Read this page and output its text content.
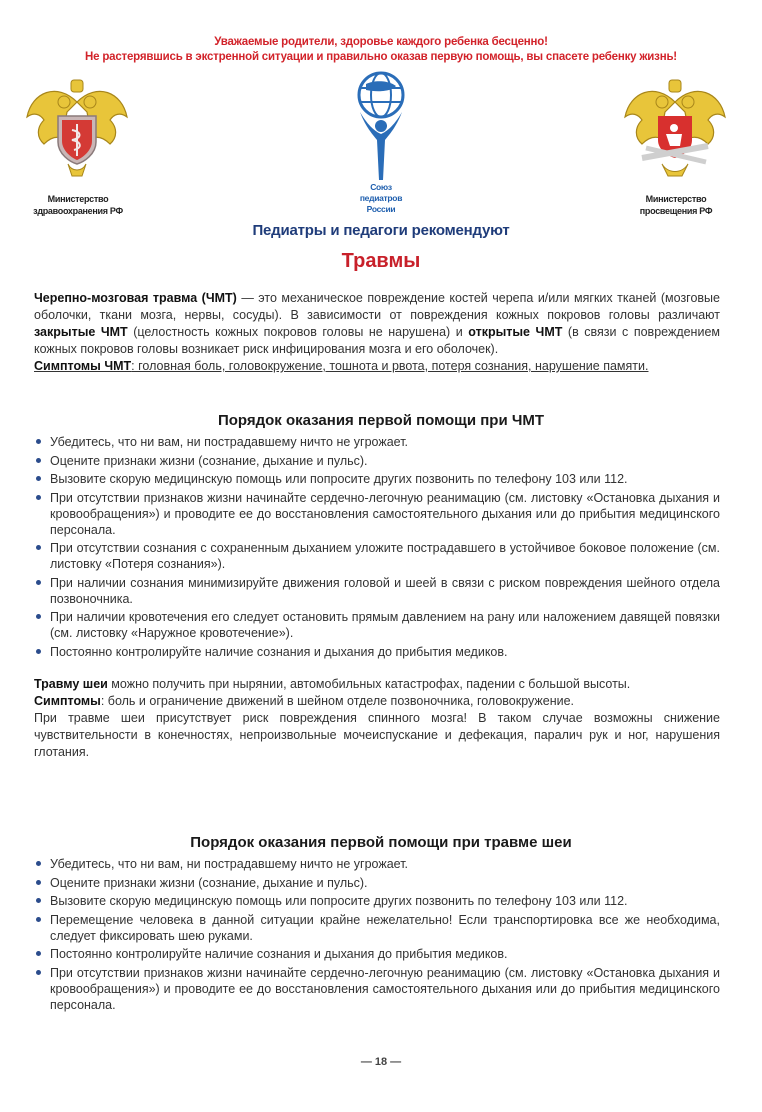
Уважаемые родители, здоровье каждого ребенка бесценно!
Не растерявшись в экстренной ситуации и правильно оказав первую помощь, вы спасете ребенку жизнь!
Министерство
здравоохранения РФ
Союз
педиатров
России
Министерство
просвещения РФ
Педиатры и педагоги рекомендуют
Травмы
Черепно-мозговая травма (ЧМТ) — это механическое повреждение костей черепа и/или мягких тканей (мозговые оболочки, ткани мозга, нервы, сосуды). В зависимости от повреждения кожных покровов головы различают закрытые ЧМТ (целостность кожных покровов головы не нарушена) и открытые ЧМТ (в связи с повреждением кожных покровов головы возникает риск инфицирования мозга и его оболочек).
Симптомы ЧМТ: головная боль, головокружение, тошнота и рвота, потеря сознания, нарушение памяти.
Порядок оказания первой помощи при ЧМТ
Убедитесь, что ни вам, ни пострадавшему ничто не угрожает.
Оцените признаки жизни (сознание, дыхание и пульс).
Вызовите скорую медицинскую помощь или попросите других позвонить по телефону 103 или 112.
При отсутствии признаков жизни начинайте сердечно-легочную реанимацию (см. листовку «Остановка дыхания и кровообращения») и проводите ее до восстановления самостоятельного дыхания или до прибытия медицинского персонала.
При отсутствии сознания с сохраненным дыханием уложите пострадавшего в устойчивое боковое положение (см. листовку «Потеря сознания»).
При наличии сознания минимизируйте движения головой и шеей в связи с риском повреждения шейного отдела позвоночника.
При наличии кровотечения его следует остановить прямым давлением на рану или наложением давящей повязки (см. листовку «Наружное кровотечение»).
Постоянно контролируйте наличие сознания и дыхания до прибытия медиков.
Травму шеи можно получить при нырянии, автомобильных катастрофах, падении с большой высоты.
Симптомы: боль и ограничение движений в шейном отделе позвоночника, головокружение.
При травме шеи присутствует риск повреждения спинного мозга! В таком случае возможны снижение чувствительности в конечностях, непроизвольные мочеиспускание и дефекация, паралич рук и ног, нарушения глотания.
Порядок оказания первой помощи при травме шеи
Убедитесь, что ни вам, ни пострадавшему ничто не угрожает.
Оцените признаки жизни (сознание, дыхание и пульс).
Вызовите скорую медицинскую помощь или попросите других позвонить по телефону 103 или 112.
Перемещение человека в данной ситуации крайне нежелательно! Если транспортировка все же необходима, следует фиксировать шею руками.
Постоянно контролируйте наличие сознания и дыхания до прибытия медиков.
При отсутствии признаков жизни начинайте сердечно-легочную реанимацию (см. листовку «Остановка дыхания и кровообращения») и проводите ее до восстановления самостоятельного дыхания или до прибытия медицинского персонала.
— 18 —
